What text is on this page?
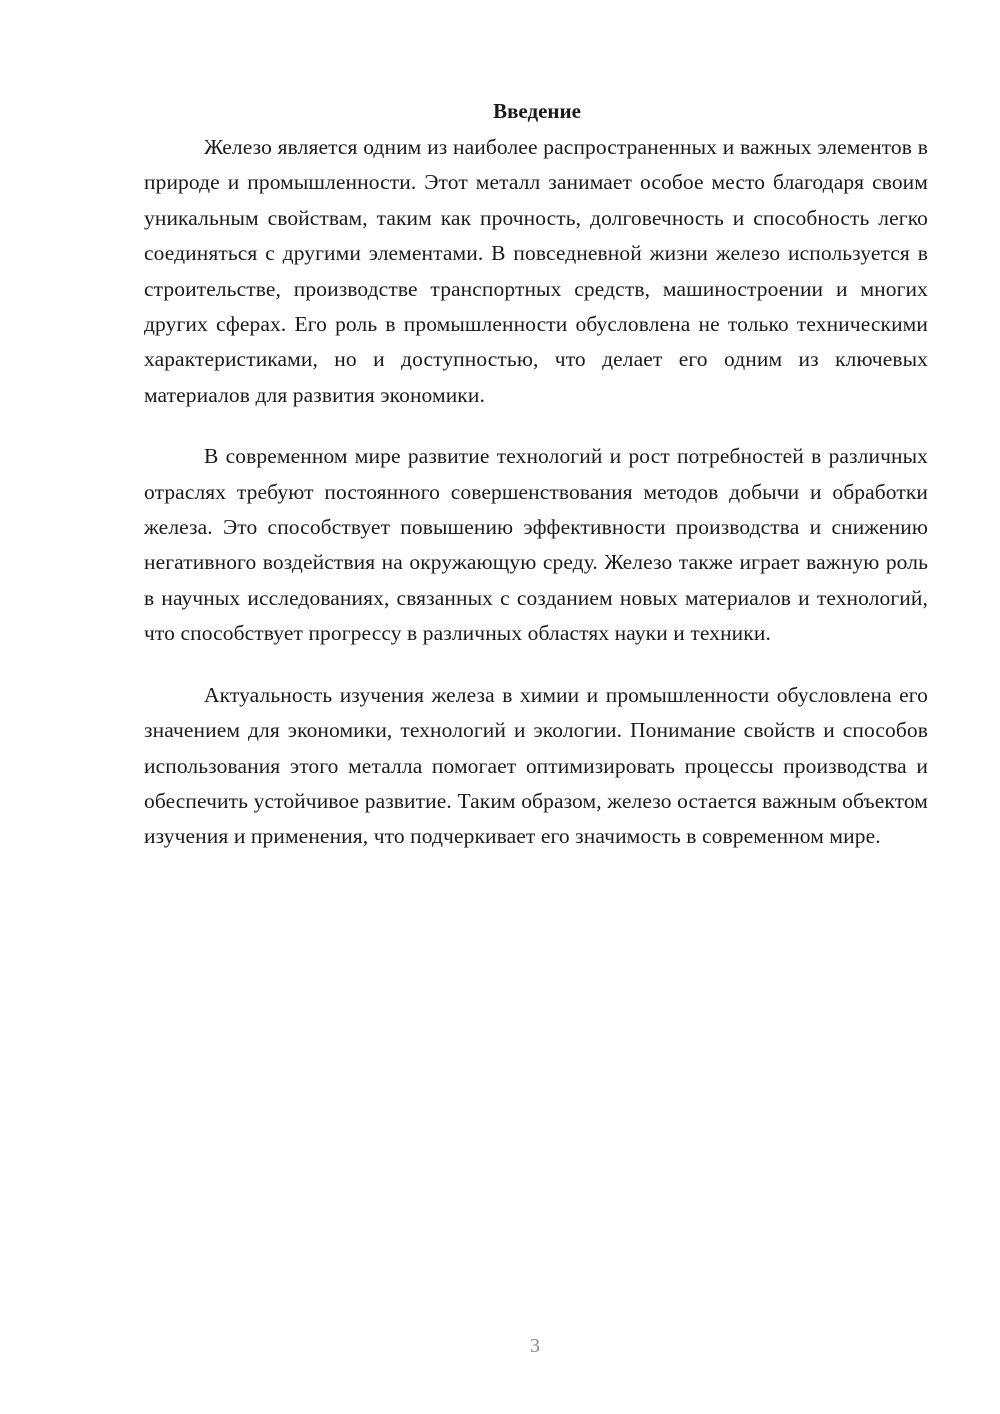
Введение

Железо является одним из наиболее распространенных и важных элементов в природе и промышленности. Этот металл занимает особое место благодаря своим уникальным свойствам, таким как прочность, долговечность и способность легко соединяться с другими элементами. В повседневной жизни железо используется в строительстве, производстве транспортных средств, машиностроении и многих других сферах. Его роль в промышленности обусловлена не только техническими характеристиками, но и доступностью, что делает его одним из ключевых материалов для развития экономики.

В современном мире развитие технологий и рост потребностей в различных отраслях требуют постоянного совершенствования методов добычи и обработки железа. Это способствует повышению эффективности производства и снижению негативного воздействия на окружающую среду. Железо также играет важную роль в научных исследованиях, связанных с созданием новых материалов и технологий, что способствует прогрессу в различных областях науки и техники.

Актуальность изучения железа в химии и промышленности обусловлена его значением для экономики, технологий и экологии. Понимание свойств и способов использования этого металла помогает оптимизировать процессы производства и обеспечить устойчивое развитие. Таким образом, железо остается важным объектом изучения и применения, что подчеркивает его значимость в современном мире.

3
